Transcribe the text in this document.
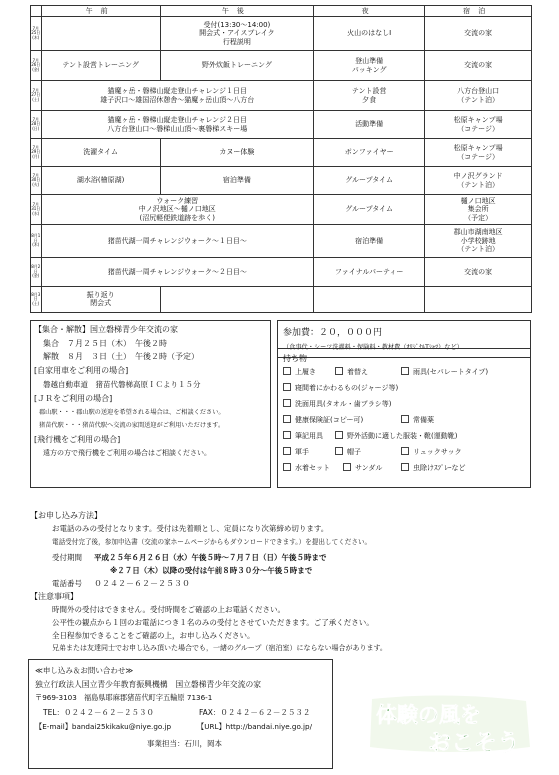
	午前	午後	夜	宿泊
7月25日(木)		受付(13:30～14:00)
開会式・アイスブレイク
行程説明	火山のはなしⅠ	交流の家
7月26日(金)	テント設営トレーニング	野外炊飯トレーニング	登山準備
パッキング	交流の家
7月27日(土)	猫魔ヶ岳・磐梯山縦走登山チャレンジ１日目
雄子沢口～雄国沼休憩舎～猫魔ヶ岳山頂～八方台		テント設営
夕食	八方台登山口
（テント泊）
7月28日(日)	猫魔ヶ岳・磐梯山縦走登山チャレンジ２日目
八方台登山口～磐梯山山頂～裏磐梯スキー場		活動準備	松原キャンプ場
（コテージ）
7月29日(月)	洗濯タイム	カヌー体験	ボンファイヤー	松原キャンプ場
（コテージ）
7月30日(火)	湖水浴(檜原湖)	宿泊準備	グループタイム	中ノ沢グランド
（テント泊）
7月31日(水)	ウォーク練習
中ノ沢地区～樋ノ口地区
(沼尻軽便鉄道跡を歩く)		グループタイム	樋ノ口地区
集会所
（予定）
8月1日(木)	猪苗代湖一周チャレンジウォーク～１日目～		宿泊準備	郡山市湖南地区
小学校跡地
（テント泊）
8月2日(金)	猪苗代湖一周チャレンジウォーク～２日目～		ファイナルパーティー	交流の家
8月3日(土)	振り返り
閉会式			
【集合・解散】国立磐梯青少年交流の家
集合　７月２５日（木）　午後２時
解散　８月　３日（土）　午後２時（予定）
[自家用車をご利用の場合]
磐越自動車道　猪苗代磐梯高原ＩＣより１５分
[ＪＲをご利用の場合]
郡山駅・・・郡山駅の送迎を希望される場合は、ご相談ください。
猪苗代駅・・・猪苗代駅へ交流の家間送迎がご利用いただけます。
[飛行機をご利用の場合]
遠方の方で飛行機をご利用の場合はご相談ください。
参加費：２０，０００円
（食事代・シーツ洗濯料・保険料・教材費（ｵﾘｼﾞﾅﾙTｼｬﾂ）など）
持ち物
上履き	着替え	雨具(セパレートタイプ)
寝間着にかわるもの(ジャージ等)
洗面用具(タオル・歯ブラシ等)
健康保険証(コピー可)	常備薬
筆記用具	野外活動に適した服装・靴(運動靴)
軍手	帽子	リュックサック
水着セット	サンダル	虫除けｽﾌﾟﾚｰなど
【お申し込み方法】
お電話のみの受付となります。受付は先着順とし、定員になり次第締め切ります。
電話受付完了後，参加申込書（交流の家ホームページからもダウンロードできます。）を提出してください。
受付期間 平成２５年６月２６日（水）午後５時～７月７日（日）午後５時まで
※２７日（木）以降の受付は午前８時３０分～午後５時まで
電話番号 ０２４２－６２－２５３０
【注意事項】
時間外の受付はできません。受付時間をご確認の上お電話ください。
公平性の観点から１回のお電話につき１名のみの受付とさせていただきます。ご了承ください。
全日程参加できることをご確認の上，お申し込みください。
兄弟または友達同士でお申し込み頂いた場合でも，一緒のグループ（宿泊室）にならない場合があります。
≪申し込み＆お問い合わせ≫
独立行政法人国立青少年教育振興機構　国立磐梯青少年交流の家
〒969-3103　福島県耶麻郡猪苗代町字五輪原 7136-1
TEL：０２４２－６２－２５３０	FAX：０２４２－６２－２５３２
【E-mail】bandai25kikaku@niye.go.jp	【URL】http://bandai.niye.go.jp/
事業担当：石川，岡本
体験の風を
おこそう
